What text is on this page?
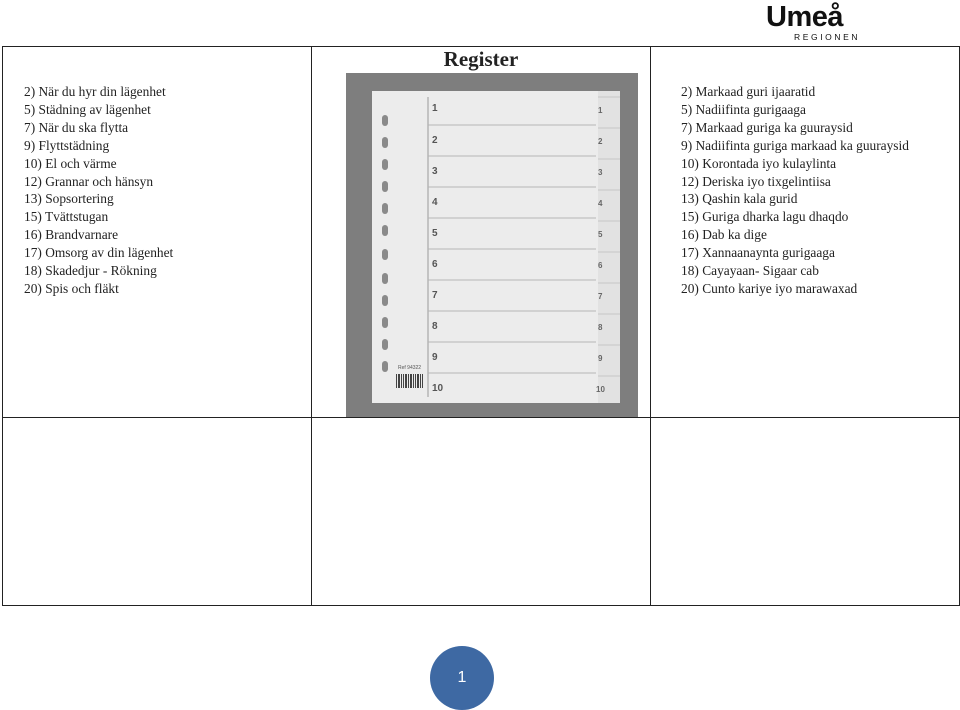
Umeå
REGIONEN
2) När du hyr din lägenhet
5) Städning av lägenhet
7) När du ska flytta
9) Flyttstädning
10) El och värme
12) Grannar och hänsyn
13) Sopsortering
15) Tvättstugan
16) Brandvarnare
17) Omsorg av din lägenhet
18) Skadedjur - Rökning
20) Spis och fläkt
Register
1
2
3
4
5
6
7
8
9
10
1
2
3
4
5
6
7
8
9
10
Ref 94322
2) Markaad guri ijaaratid
5) Nadiifinta gurigaaga
7) Markaad guriga ka guuraysid
9) Nadiifinta guriga markaad ka guuraysid
10) Korontada iyo kulaylinta
12) Deriska iyo tixgelintiisa
13) Qashin kala gurid
15) Guriga dharka lagu dhaqdo
16) Dab ka dige
17) Xannaanaynta gurigaaga
18) Cayayaan- Sigaar cab
20) Cunto kariye iyo marawaxad
1
